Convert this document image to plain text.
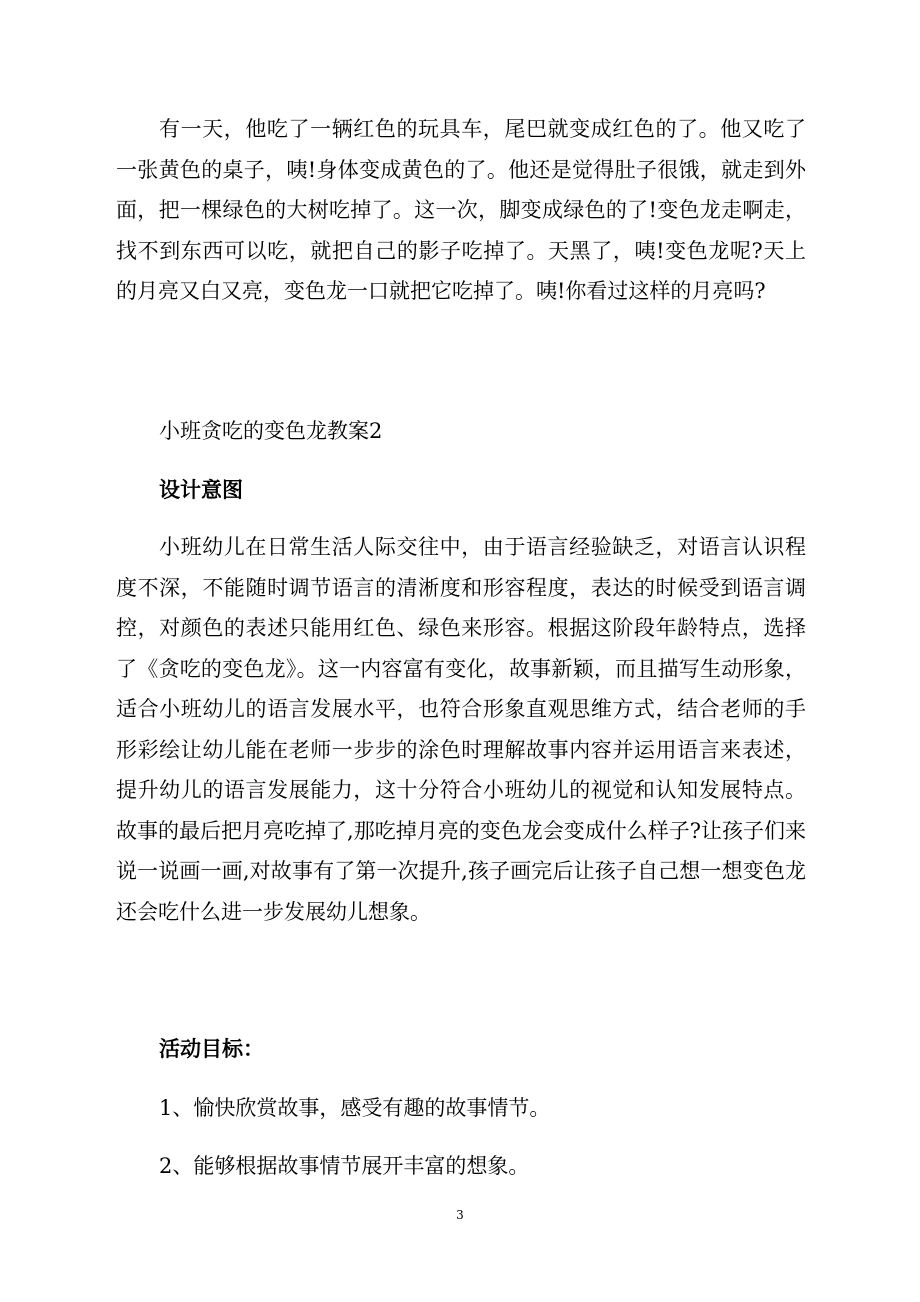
有一天，他吃了一辆红色的玩具车，尾巴就变成红色的了。他又吃了一张黄色的桌子，咦!身体变成黄色的了。他还是觉得肚子很饿，就走到外面，把一棵绿色的大树吃掉了。这一次，脚变成绿色的了!变色龙走啊走，找不到东西可以吃，就把自己的影子吃掉了。天黑了，咦!变色龙呢?天上的月亮又白又亮，变色龙一口就把它吃掉了。咦!你看过这样的月亮吗?

小班贪吃的变色龙教案2

设计意图

小班幼儿在日常生活人际交往中，由于语言经验缺乏，对语言认识程度不深，不能随时调节语言的清淅度和形容程度，表达的时候受到语言调控，对颜色的表述只能用红色、绿色来形容。根据这阶段年龄特点，选择了《贪吃的变色龙》。这一内容富有变化，故事新颖，而且描写生动形象，适合小班幼儿的语言发展水平，也符合形象直观思维方式，结合老师的手形彩绘让幼儿能在老师一步步的涂色时理解故事内容并运用语言来表述，提升幼儿的语言发展能力，这十分符合小班幼儿的视觉和认知发展特点。故事的最后把月亮吃掉了,那吃掉月亮的变色龙会变成什么样子?让孩子们来说一说画一画,对故事有了第一次提升,孩子画完后让孩子自己想一想变色龙还会吃什么进一步发展幼儿想象。

活动目标：

1、愉快欣赏故事，感受有趣的故事情节。

2、能够根据故事情节展开丰富的想象。

3
